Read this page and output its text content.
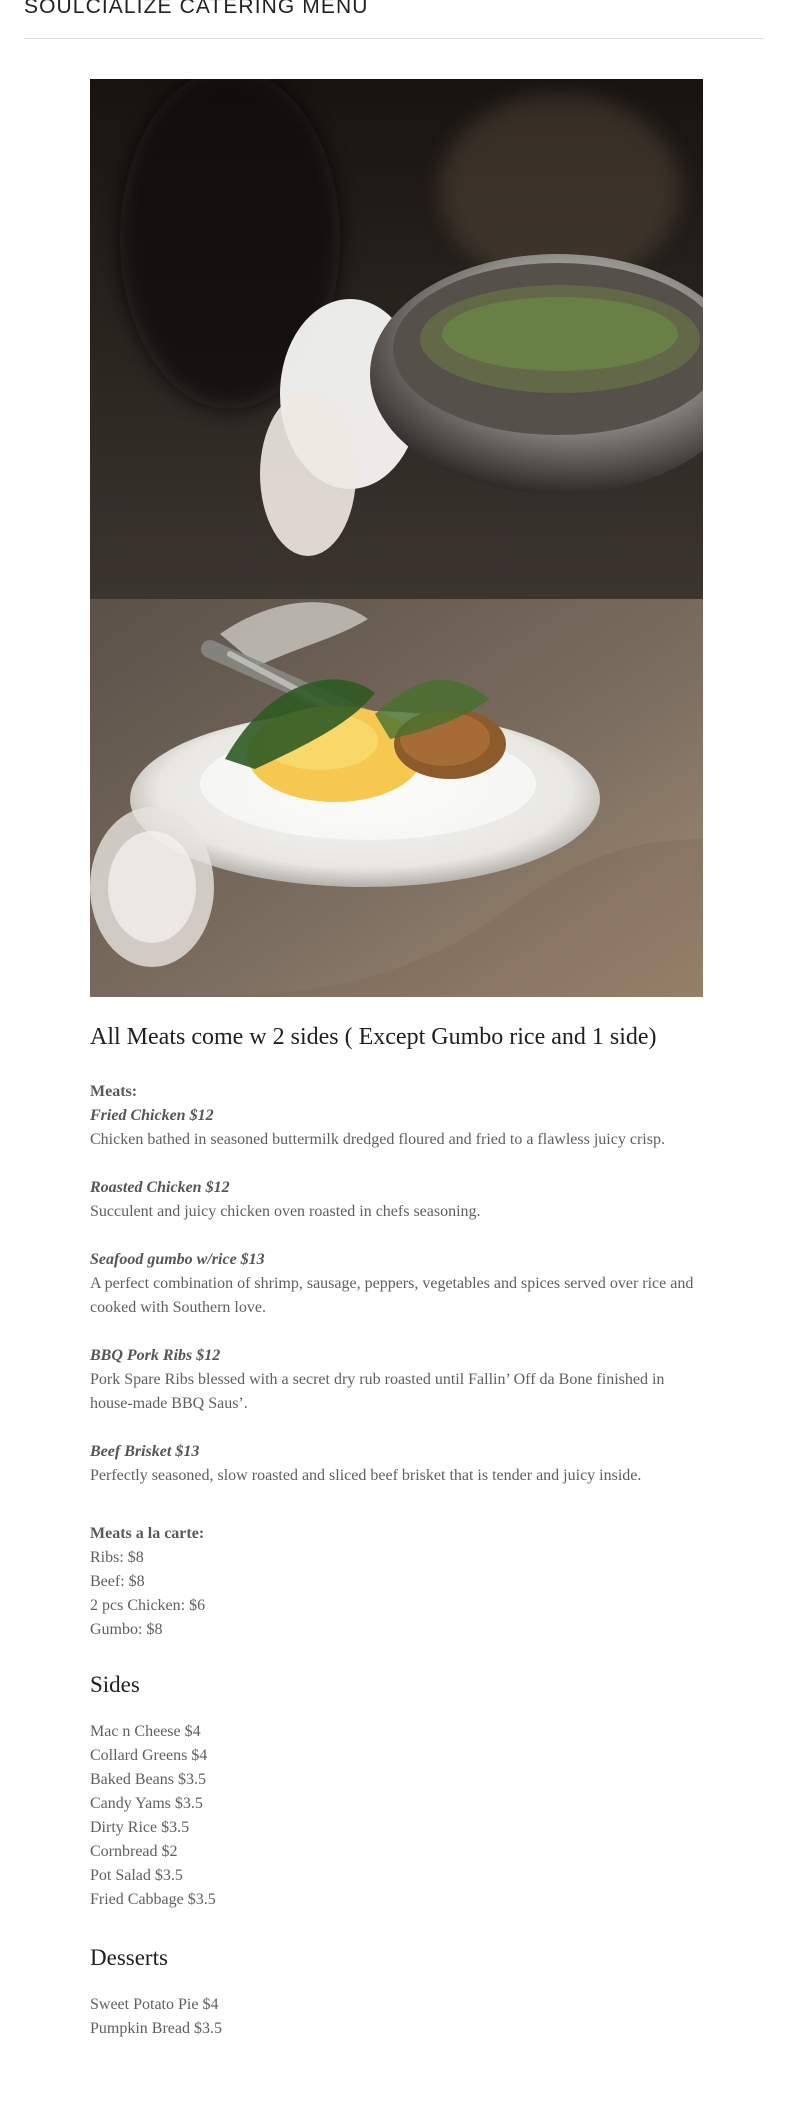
SOULCIALIZE CATERING MENU
All Meats come w 2 sides ( Except Gumbo rice and 1 side)
Meats:
Fried Chicken $12
Chicken bathed in seasoned buttermilk dredged floured and fried to a flawless juicy crisp.
Roasted Chicken $12
Succulent and juicy chicken oven roasted in chefs seasoning.
Seafood gumbo w/rice $13
A perfect combination of shrimp, sausage, peppers, vegetables and spices served over rice and cooked with Southern love.
BBQ Pork Ribs $12
Pork Spare Ribs blessed with a secret dry rub roasted until Fallin’ Off da Bone finished in house-made BBQ Saus’.
Beef Brisket $13
Perfectly seasoned, slow roasted and sliced beef brisket that is tender and juicy inside.
Meats a la carte:
Ribs: $8
Beef: $8
2 pcs Chicken: $6
Gumbo: $8
Sides
Mac n Cheese $4
Collard Greens $4
Baked Beans $3.5
Candy Yams $3.5
Dirty Rice $3.5
Cornbread $2
Pot Salad $3.5
Fried Cabbage $3.5
Desserts
Sweet Potato Pie $4
Pumpkin Bread $3.5
